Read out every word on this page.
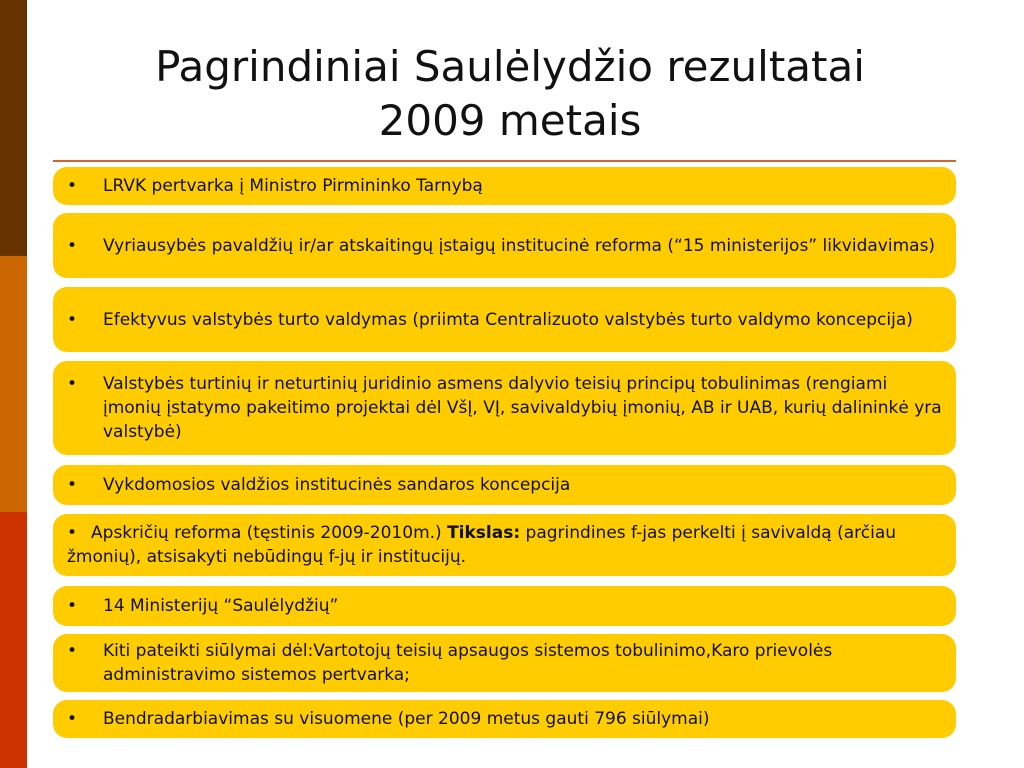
Pagrindiniai Saulėlydžio rezultatai
2009 metais
•	LRVK pertvarka į Ministro Pirmininko Tarnybą
•	Vyriausybės pavaldžių ir/ar atskaitingų įstaigų institucinė reforma (“15 ministerijos” likvidavimas)
•	Efektyvus valstybės turto valdymas (priimta Centralizuoto valstybės turto valdymo koncepcija)
•	Valstybės turtinių ir neturtinių juridinio asmens dalyvio teisių principų tobulinimas (rengiami įmonių įstatymo pakeitimo projektai dėl VšĮ, VĮ, savivaldybių įmonių, AB ir UAB, kurių dalininkė yra valstybė)
•	Vykdomosios valdžios institucinės sandaros koncepcija
• Apskričių reforma (tęstinis 2009-2010m.) Tikslas: pagrindines f-jas perkelti į savivaldą (arčiau žmonių), atsisakyti nebūdingų f-jų ir institucijų.
•	14 Ministerijų “Saulėlydžių”
•	Kiti pateikti siūlymai dėl:Vartotojų teisių apsaugos sistemos tobulinimo,Karo prievolės administravimo sistemos pertvarka;
•	Bendradarbiavimas su visuomene (per 2009 metus gauti 796 siūlymai)
